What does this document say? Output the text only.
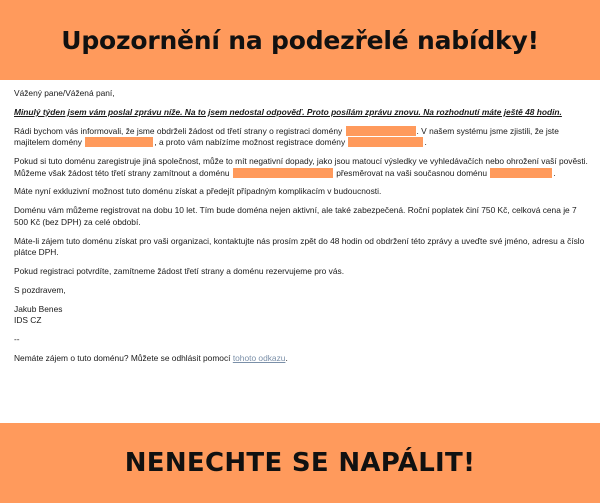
Upozornění na podezřelé nabídky!

Vážený pane/Vážená paní,

Minulý týden jsem vám poslal zprávu níže. Na to jsem nedostal odpověď. Proto posílám zprávu znovu. Na rozhodnutí máte ještě 48 hodin.

Rádi bychom vás informovali, že jsme obdrželi žádost od třetí strany o registraci domény	. V našem systému jsme zjistili, že jste majitelem domény	, a proto vám nabízíme možnost registrace domény	.

Pokud si tuto doménu zaregistruje jiná společnost, může to mít negativní dopady, jako jsou matoucí výsledky ve vyhledávačích nebo ohrožení vaší pověsti. Můžeme však žádost této třetí strany zamítnout a doménu	přesměrovat na vaši současnou doménu	.

Máte nyní exkluzivní možnost tuto doménu získat a předejít případným komplikacím v budoucnosti.

Doménu vám můžeme registrovat na dobu 10 let. Tím bude doména nejen aktivní, ale také zabezpečená. Roční poplatek činí 750 Kč, celková cena je 7 500 Kč (bez DPH) za celé období.

Máte-li zájem tuto doménu získat pro vaši organizaci, kontaktujte nás prosím zpět do 48 hodin od obdržení této zprávy a uveďte své jméno, adresu a číslo plátce DPH.

Pokud registraci potvrdíte, zamítneme žádost třetí strany a doménu rezervujeme pro vás.

S pozdravem,

Jakub Benes

IDS CZ

--

Nemáte zájem o tuto doménu? Můžete se odhlásit pomocí tohoto odkazu.

NENECHTE SE NAPÁLIT!
